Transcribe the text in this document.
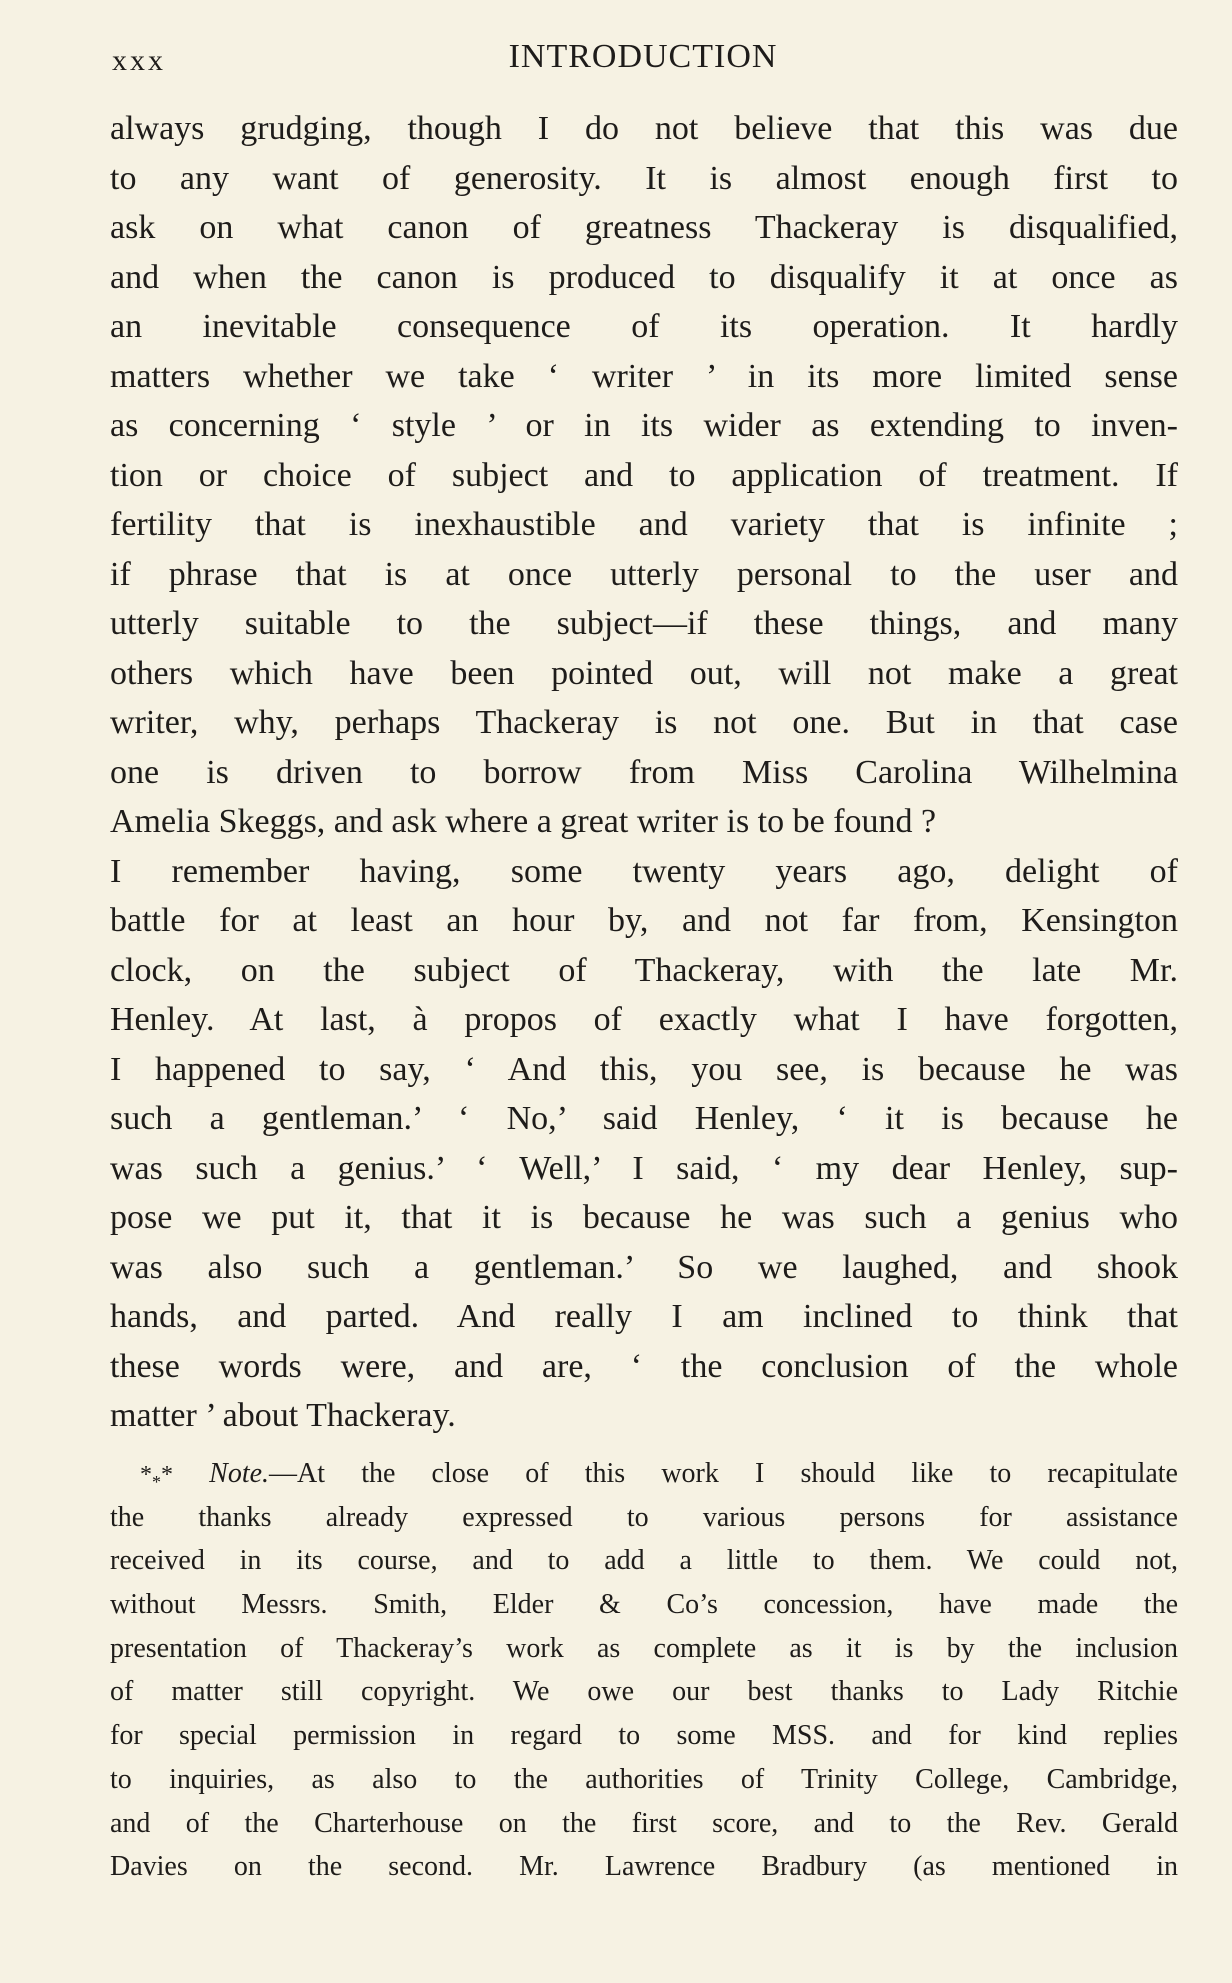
xxx	INTRODUCTION
always grudging, though I do not believe that this was due
to any want of generosity. It is almost enough first to
ask on what canon of greatness Thackeray is disqualified,
and when the canon is produced to disqualify it at once as
an inevitable consequence of its operation. It hardly
matters whether we take ‘ writer ’ in its more limited sense
as concerning ‘ style ’ or in its wider as extending to inven-
tion or choice of subject and to application of treatment. If
fertility that is inexhaustible and variety that is infinite ;
if phrase that is at once utterly personal to the user and
utterly suitable to the subject—if these things, and many
others which have been pointed out, will not make a great
writer, why, perhaps Thackeray is not one. But in that case
one is driven to borrow from Miss Carolina Wilhelmina
Amelia Skeggs, and ask where a great writer is to be found ?
I remember having, some twenty years ago, delight of
battle for at least an hour by, and not far from, Kensington
clock, on the subject of Thackeray, with the late Mr.
Henley. At last, à propos of exactly what I have forgotten,
I happened to say, ‘ And this, you see, is because he was
such a gentleman.’ ‘ No,’ said Henley, ‘ it is because he
was such a genius.’ ‘ Well,’ I said, ‘ my dear Henley, sup-
pose we put it, that it is because he was such a genius who
was also such a gentleman.’ So we laughed, and shook
hands, and parted. And really I am inclined to think that
these words were, and are, ‘ the conclusion of the whole
matter ’ about Thackeray.
$*_**$ Note.—At the close of this work I should like to recapitulate
the thanks already expressed to various persons for assistance
received in its course, and to add a little to them. We could not,
without Messrs. Smith, Elder & Co’s concession, have made the
presentation of Thackeray’s work as complete as it is by the inclusion
of matter still copyright. We owe our best thanks to Lady Ritchie
for special permission in regard to some MSS. and for kind replies
to inquiries, as also to the authorities of Trinity College, Cambridge,
and of the Charterhouse on the first score, and to the Rev. Gerald
Davies on the second. Mr. Lawrence Bradbury (as mentioned in
